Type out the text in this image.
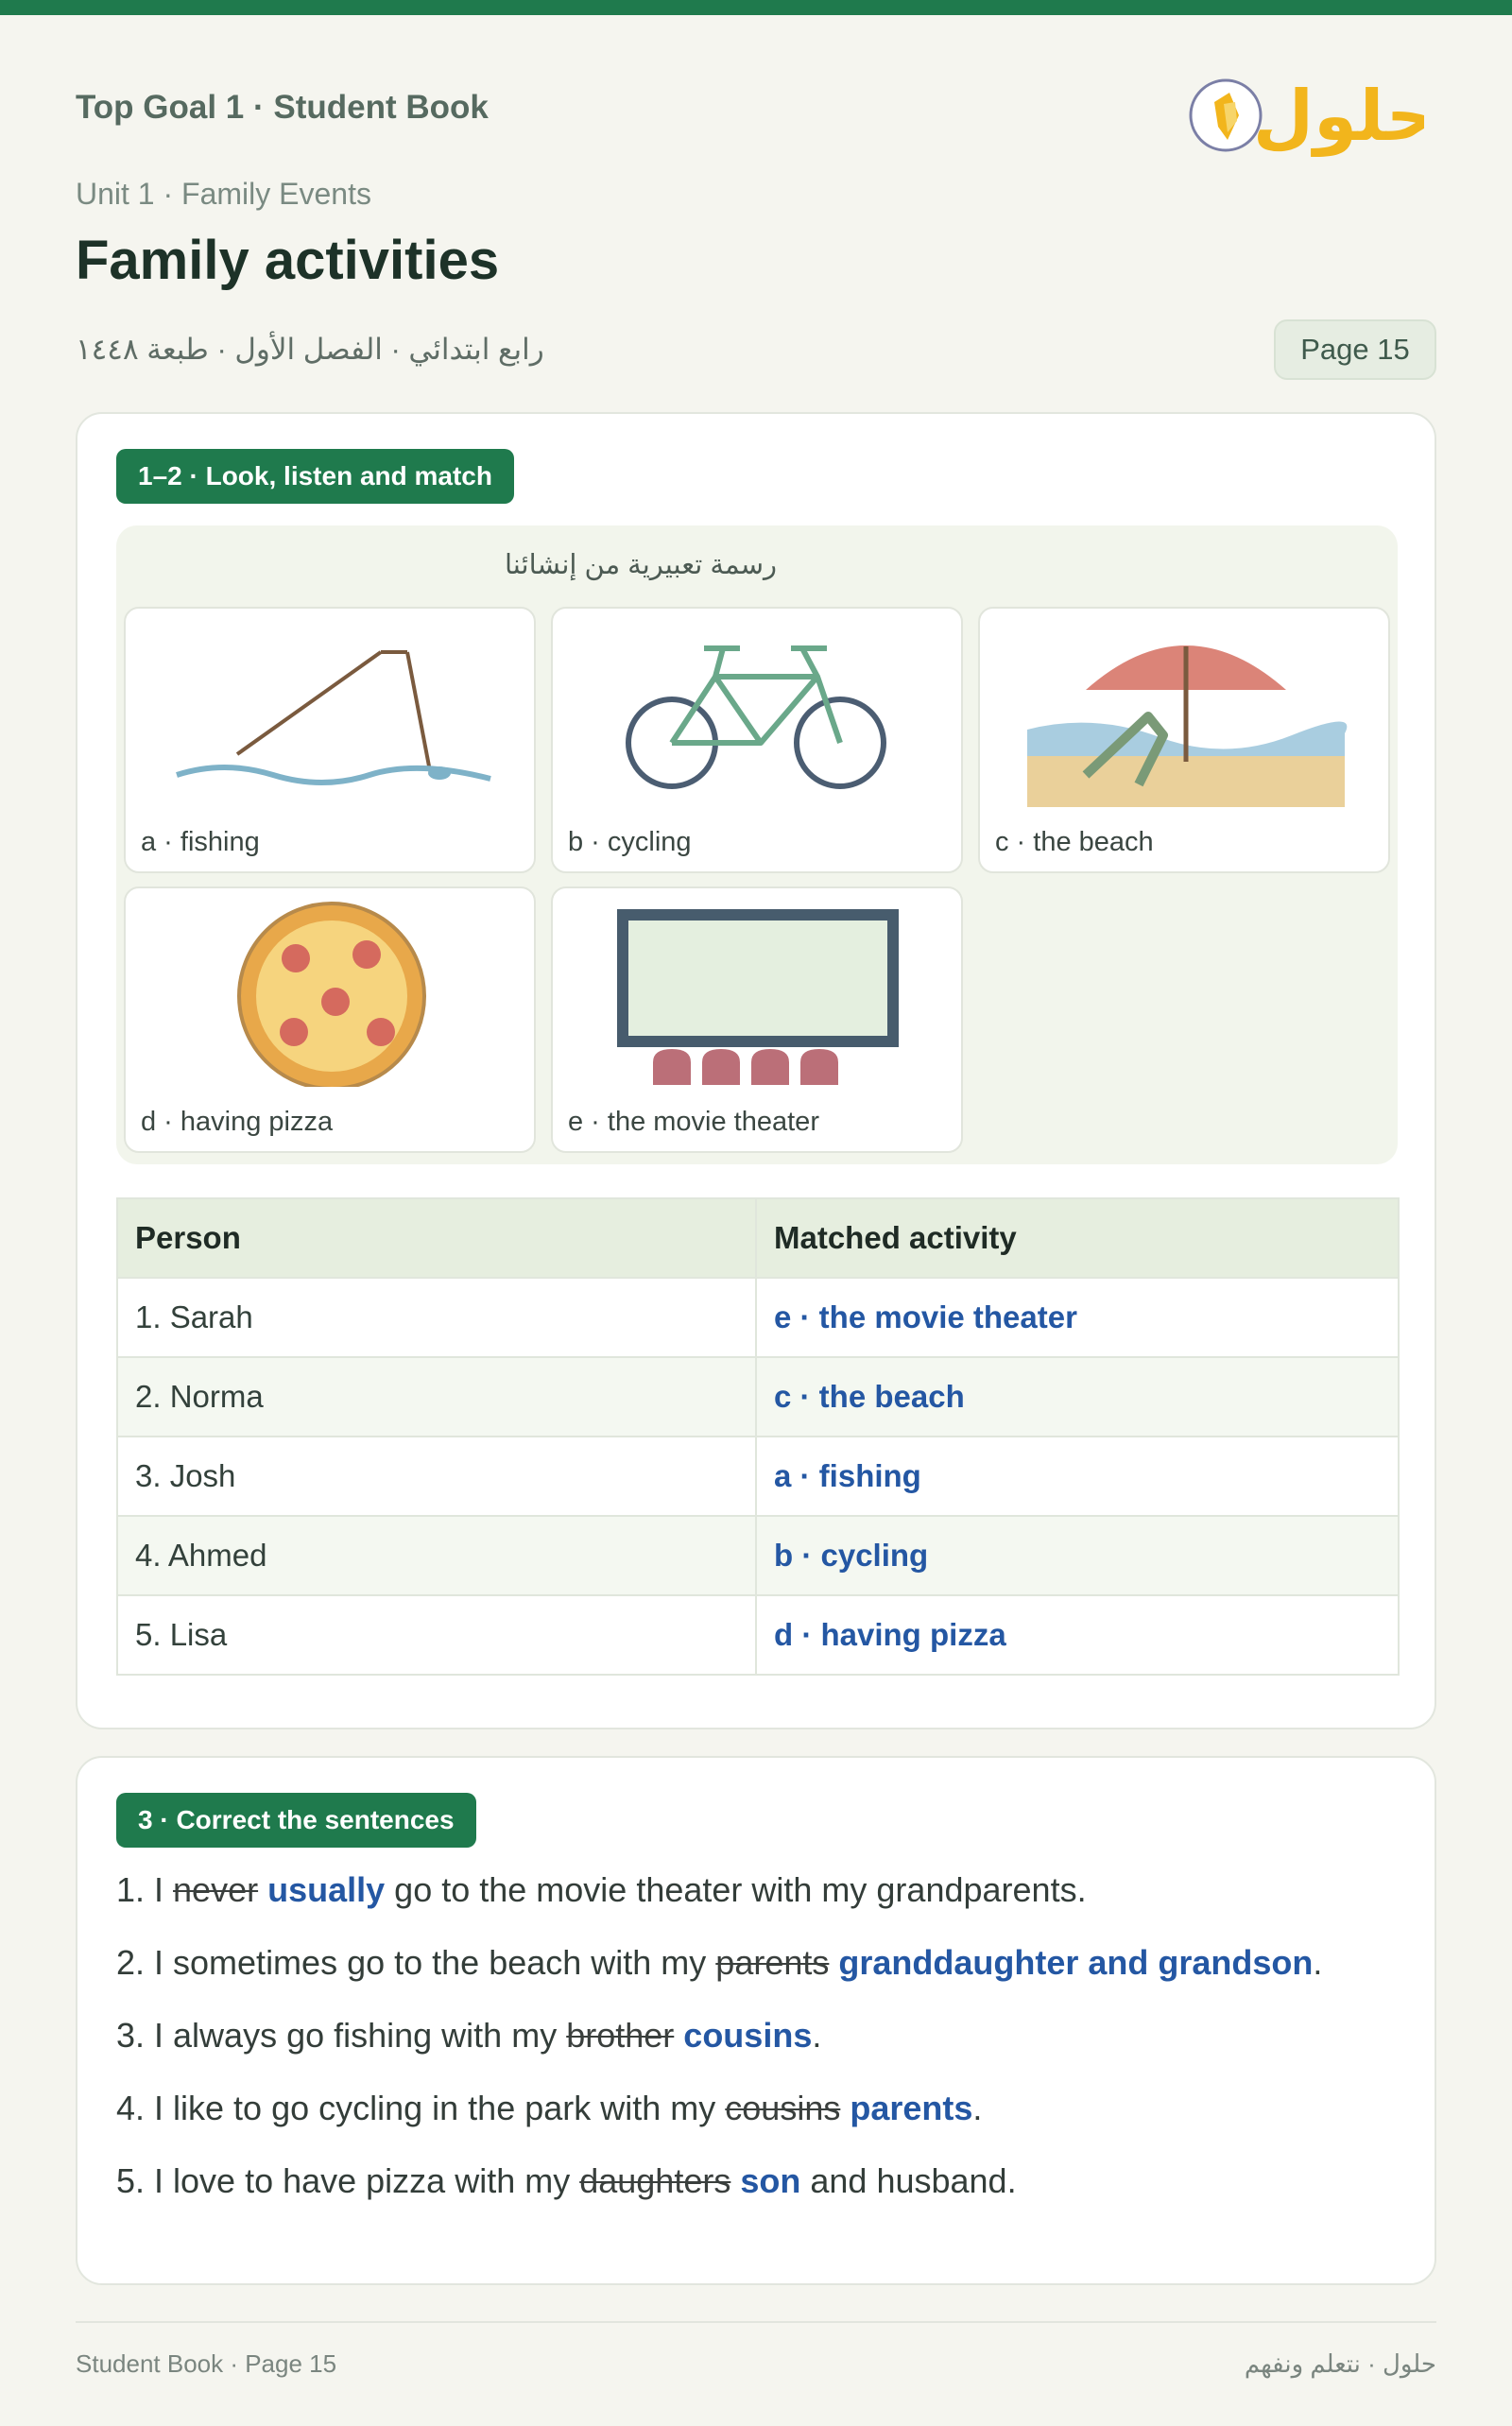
Top Goal 1 · Student Book	حلول
Unit 1 · Family Events
Family activities
رابع ابتدائي · الفصل الأول · طبعة ١٤٤٨	Page 15
1–2 · Look, listen and match
رسمة تعبيرية من إنشائنا
a · fishing	b · cycling	c · the beach
d · having pizza	e · the movie theater
Person	Matched activity
1. Sarah	e · the movie theater
2. Norma	c · the beach
3. Josh	a · fishing
4. Ahmed	b · cycling
5. Lisa	d · having pizza
3 · Correct the sentences
1. I never usually go to the movie theater with my grandparents.
2. I sometimes go to the beach with my parents granddaughter and grandson.
3. I always go fishing with my brother cousins.
4. I like to go cycling in the park with my cousins parents.
5. I love to have pizza with my daughters son and husband.
Student Book · Page 15	حلول · نتعلم ونفهم
